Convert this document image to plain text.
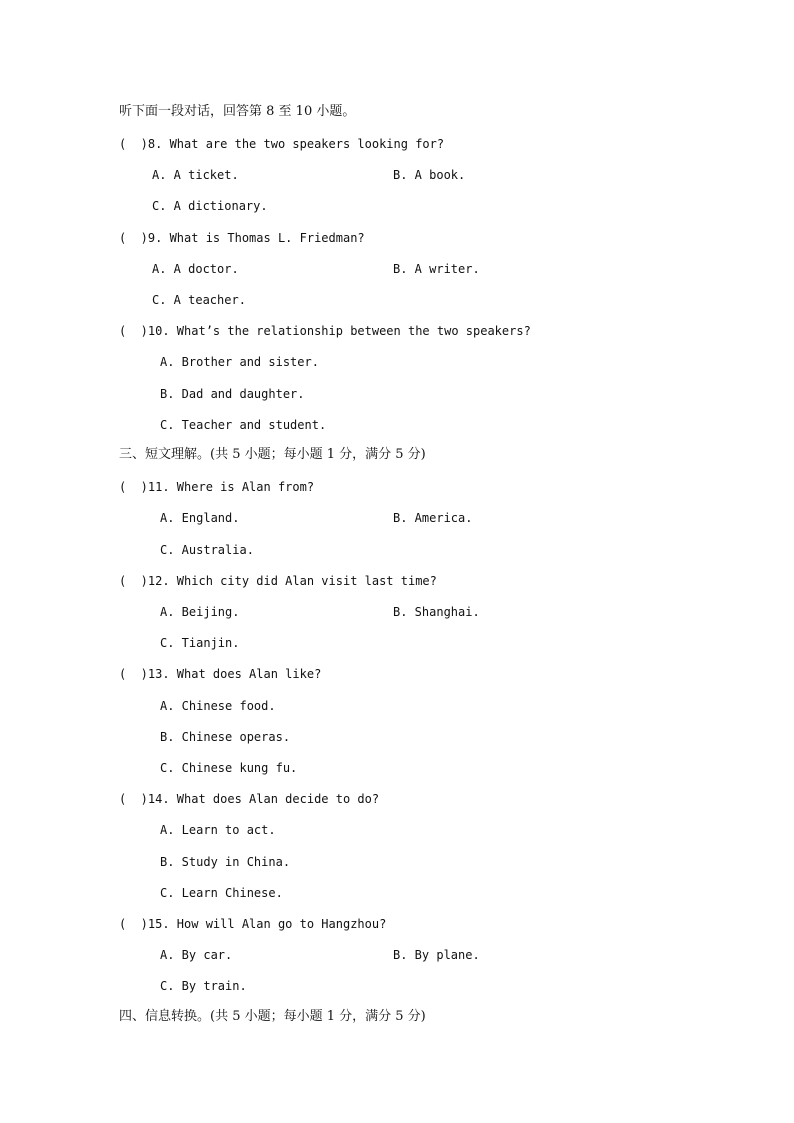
听下面一段对话，回答第 8 至 10 小题。
(  )8. What are the two speakers looking for?
A. A ticket.	B. A book.
C. A dictionary.
(  )9. What is Thomas L. Friedman?
A. A doctor.	B. A writer.
C. A teacher.
(  )10. What’s the relationship between the two speakers?
A. Brother and sister.
B. Dad and daughter.
C. Teacher and student.
三、短文理解。(共 5 小题；每小题 1 分，满分 5 分)
(  )11. Where is Alan from?
A. England.	B. America.
C. Australia.
(  )12. Which city did Alan visit last time?
A. Beijing.	B. Shanghai.
C. Tianjin.
(  )13. What does Alan like?
A. Chinese food.
B. Chinese operas.
C. Chinese kung fu.
(  )14. What does Alan decide to do?
A. Learn to act.
B. Study in China.
C. Learn Chinese.
(  )15. How will Alan go to Hangzhou?
A. By car.	B. By plane.
C. By train.
四、信息转换。(共 5 小题；每小题 1 分，满分 5 分)
